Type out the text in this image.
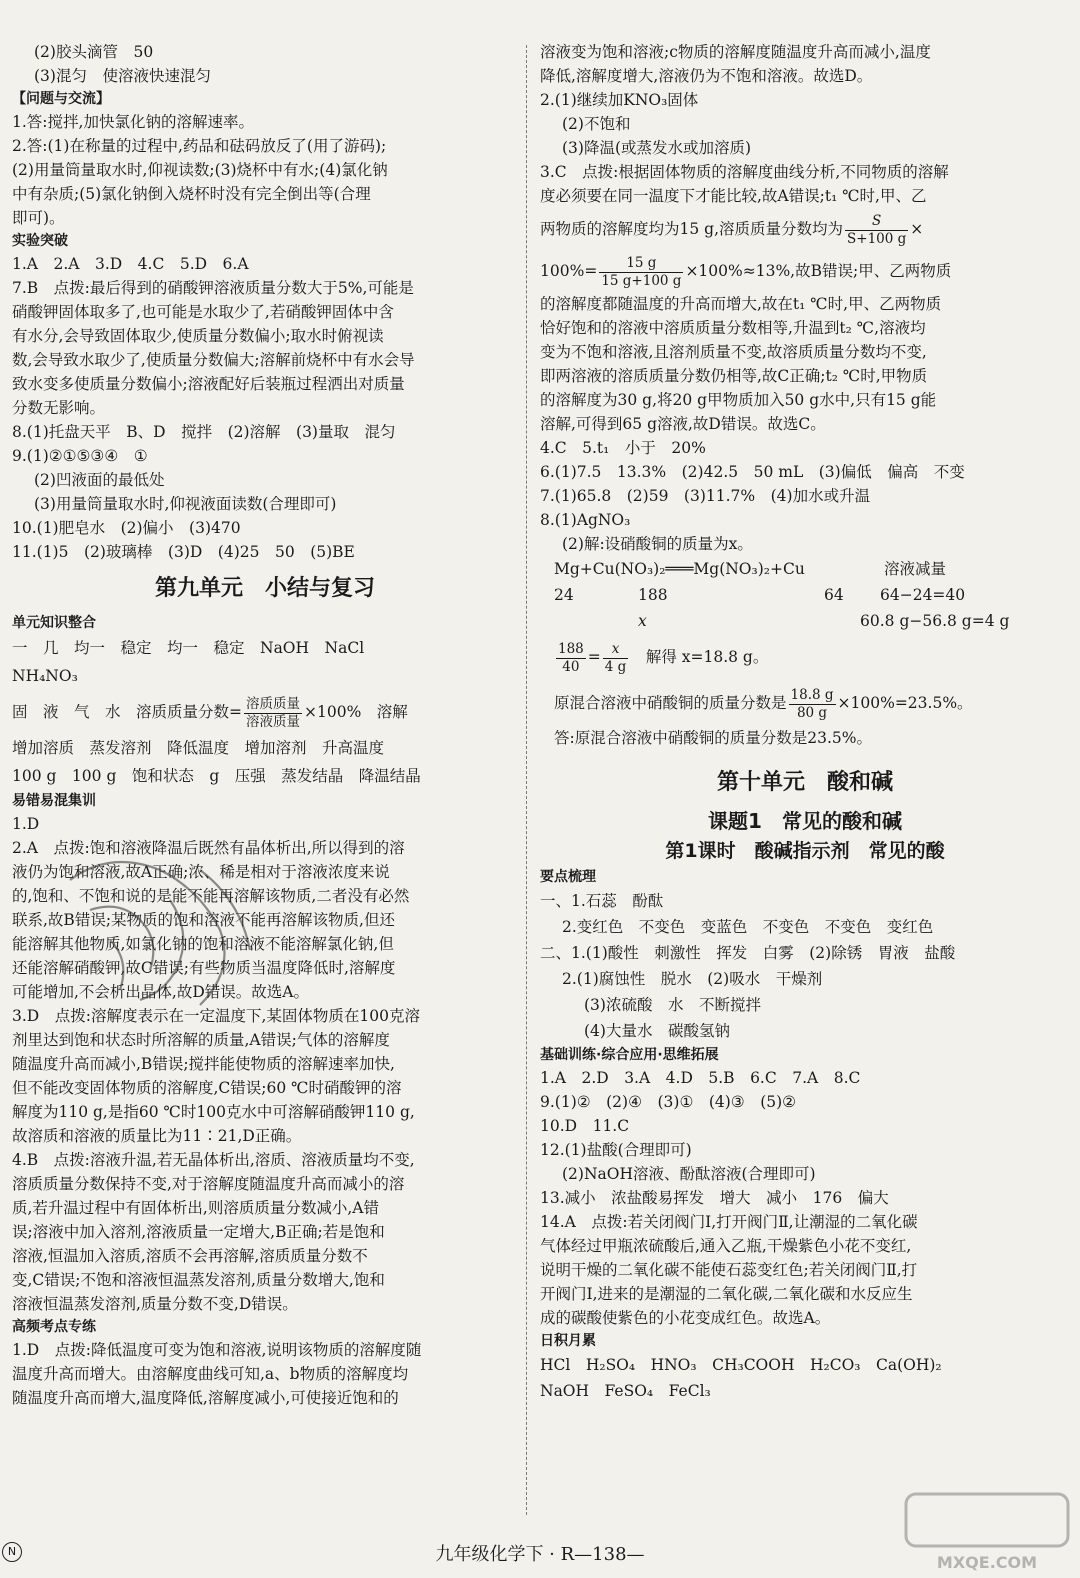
(2)胶头滴管　50
(3)混匀　使溶液快速混匀
【问题与交流】
1.答:搅拌,加快氯化钠的溶解速率。
2.答:(1)在称量的过程中,药品和砝码放反了(用了游码);
(2)用量筒量取水时,仰视读数;(3)烧杯中有水;(4)氯化钠
中有杂质;(5)氯化钠倒入烧杯时没有完全倒出等(合理
即可)。
实验突破
1.A　2.A　3.D　4.C　5.D　6.A
7.B　点拨:最后得到的硝酸钾溶液质量分数大于5%,可能是
硝酸钾固体取多了,也可能是水取少了,若硝酸钾固体中含
有水分,会导致固体取少,使质量分数偏小;取水时俯视读
数,会导致水取少了,使质量分数偏大;溶解前烧杯中有水会导
致水变多使质量分数偏小;溶液配好后装瓶过程洒出对质量
分数无影响。
8.(1)托盘天平　B、D　搅拌　(2)溶解　(3)量取　混匀
9.(1)②①⑤③④　①
(2)凹液面的最低处
(3)用量筒量取水时,仰视液面读数(合理即可)
10.(1)肥皂水　(2)偏小　(3)470
11.(1)5　(2)玻璃棒　(3)D　(4)25　50　(5)BE
第九单元　小结与复习
单元知识整合
一　几　均一　稳定　均一　稳定　NaOH　NaCl
NH₄NO₃
固　液　气　水　溶质质量分数= $\frac{\text{溶质质量}}{\text{溶液质量}} \times 100\%$　溶解
增加溶质　蒸发溶剂　降低温度　增加溶剂　升高温度
100 g　100 g　饱和状态　g　压强　蒸发结晶　降温结晶
易错易混集训
1.D
2.A　点拨:饱和溶液降温后既然有晶体析出,所以得到的溶
液仍为饱和溶液,故A正确;浓、稀是相对于溶液浓度来说
的,饱和、不饱和说的是能不能再溶解该物质,二者没有必然
联系,故B错误;某物质的饱和溶液不能再溶解该物质,但还
能溶解其他物质,如氯化钠的饱和溶液不能溶解氯化钠,但
还能溶解硝酸钾,故C错误;有些物质当温度降低时,溶解度
可能增加,不会析出晶体,故D错误。故选A。
3.D　点拨:溶解度表示在一定温度下,某固体物质在100克溶
剂里达到饱和状态时所溶解的质量,A错误;气体的溶解度
随温度升高而减小,B错误;搅拌能使物质的溶解速率加快,
但不能改变固体物质的溶解度,C错误;60 ℃时硝酸钾的溶
解度为110 g,是指60 ℃时100克水中可溶解硝酸钾110 g,
故溶质和溶液的质量比为11∶21,D正确。
4.B　点拨:溶液升温,若无晶体析出,溶质、溶液质量均不变,
溶质质量分数保持不变,对于溶解度随温度升高而减小的溶
质,若升温过程中有固体析出,则溶质质量分数减小,A错
误;溶液中加入溶剂,溶液质量一定增大,B正确;若是饱和
溶液,恒温加入溶质,溶质不会再溶解,溶质质量分数不
变,C错误;不饱和溶液恒温蒸发溶剂,质量分数增大,饱和
溶液恒温蒸发溶剂,质量分数不变,D错误。
高频考点专练
1.D　点拨:降低温度可变为饱和溶液,说明该物质的溶解度随
温度升高而增大。由溶解度曲线可知,a、b物质的溶解度均
随温度升高而增大,温度降低,溶解度减小,可使接近饱和的
溶液变为饱和溶液;c物质的溶解度随温度升高而减小,温度
降低,溶解度增大,溶液仍为不饱和溶液。故选D。
2.(1)继续加KNO₃固体
(2)不饱和
(3)降温(或蒸发水或加溶质)
3.C　点拨:根据固体物质的溶解度曲线分析,不同物质的溶解
度必须要在同一温度下才能比较,故A错误;t₁ ℃时,甲、乙
两物质的溶解度均为15 g,溶质质量分数均为 $\frac{S}{S+100 g}$ ×
$100\%= \frac{15 g}{15 g+100 g} \times 100\%\approx 13\%$,故B错误;甲、乙两物质
的溶解度都随温度的升高而增大,故在t₁ ℃时,甲、乙两物质
恰好饱和的溶液中溶质质量分数相等,升温到t₂ ℃,溶液均
变为不饱和溶液,且溶剂质量不变,故溶质质量分数均不变,
即两溶液的溶质质量分数仍相等,故C正确;t₂ ℃时,甲物质
的溶解度为30 g,将20 g甲物质加入50 g水中,只有15 g能
溶解,可得到65 g溶液,故D错误。故选C。
4.C　5.t₁　小于　20%
6.(1)7.5　13.3%　(2)42.5　50 mL　(3)偏低　偏高　不变
7.(1)65.8　(2)59　(3)11.7%　(4)加水或升温
8.(1)AgNO₃
(2)解:设硝酸铜的质量为x。
Mg+Cu(NO₃)₂═══Mg(NO₃)₂+Cu	溶液减量
24	188	64	64−24=40
x	60.8 g−56.8 g=4 g
$\frac{188}{40} = \frac{x}{4 g}$
　 解得 x=18.8 g。
原混合溶液中硝酸铜的质量分数是 $\frac{18.8 g}{80 g} \times 100\%=23.5\%$。
答:原混合溶液中硝酸铜的质量分数是23.5%。
第十单元　酸和碱
课题1　常见的酸和碱
第1课时　酸碱指示剂　常见的酸
要点梳理
一、1.石蕊　酚酞
2.变红色　不变色　变蓝色　不变色　不变色　变红色
二、1.(1)酸性　刺激性　挥发　白雾　(2)除锈　胃液　盐酸
2.(1)腐蚀性　脱水　(2)吸水　干燥剂
(3)浓硫酸　水　不断搅拌
(4)大量水　碳酸氢钠
基础训练·综合应用·思维拓展
1.A　2.D　3.A　4.D　5.B　6.C　7.A　8.C
9.(1)②　(2)④　(3)①　(4)③　(5)②
10.D　11.C
12.(1)盐酸(合理即可)
(2)NaOH溶液、酚酞溶液(合理即可)
13.减小　浓盐酸易挥发　增大　减小　176　偏大
14.A　点拨:若关闭阀门Ⅰ,打开阀门Ⅱ,让潮湿的二氧化碳
气体经过甲瓶浓硫酸后,通入乙瓶,干燥紫色小花不变红,
说明干燥的二氧化碳不能使石蕊变红色;若关闭阀门Ⅱ,打
开阀门Ⅰ,进来的是潮湿的二氧化碳,二氧化碳和水反应生
成的碳酸使紫色的小花变成红色。故选A。
日积月累
HCl　H₂SO₄　HNO₃　CH₃COOH　H₂CO₃　Ca(OH)₂
NaOH　FeSO₄　FeCl₃
MXQE.COM
N	九年级化学下 · R—138—
